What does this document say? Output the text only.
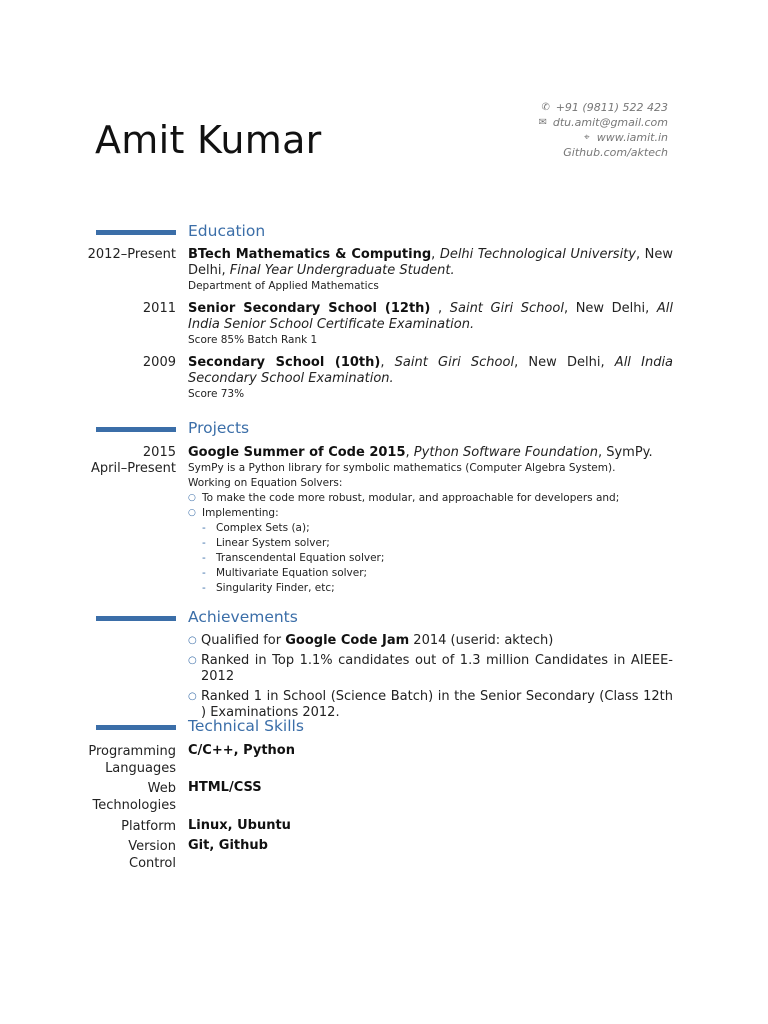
Amit Kumar
✆ +91 (9811) 522 423
✉ dtu.amit@gmail.com
⌖ www.iamit.in
Github.com/aktech
Education
2012–Present BTech Mathematics & Computing, Delhi Technological University, New Delhi, Final Year Undergraduate Student.
Department of Applied Mathematics
2011 Senior Secondary School (12th) , Saint Giri School, New Delhi, All India Senior School Certificate Examination.
Score 85% Batch Rank 1
2009 Secondary School (10th), Saint Giri School, New Delhi, All India Secondary School Examination.
Score 73%
Projects
2015
April–Present
Google Summer of Code 2015, Python Software Foundation, SymPy.
SymPy is a Python library for symbolic mathematics (Computer Algebra System).
Working on Equation Solvers:
○ To make the code more robust, modular, and approachable for developers and;
○ Implementing:
- Complex Sets (a);
- Linear System solver;
- Transcendental Equation solver;
- Multivariate Equation solver;
- Singularity Finder, etc;
Achievements
○ Qualified for Google Code Jam 2014 (userid: aktech)
○ Ranked in Top 1.1% candidates out of 1.3 million Candidates in AIEEE-2012
○ Ranked 1 in School (Science Batch) in the Senior Secondary (Class 12th ) Examinations 2012.
Technical Skills
Programming
Languages
C/C++, Python
Web
Technologies
HTML/CSS
Platform Linux, Ubuntu
Version
Control
Git, Github
